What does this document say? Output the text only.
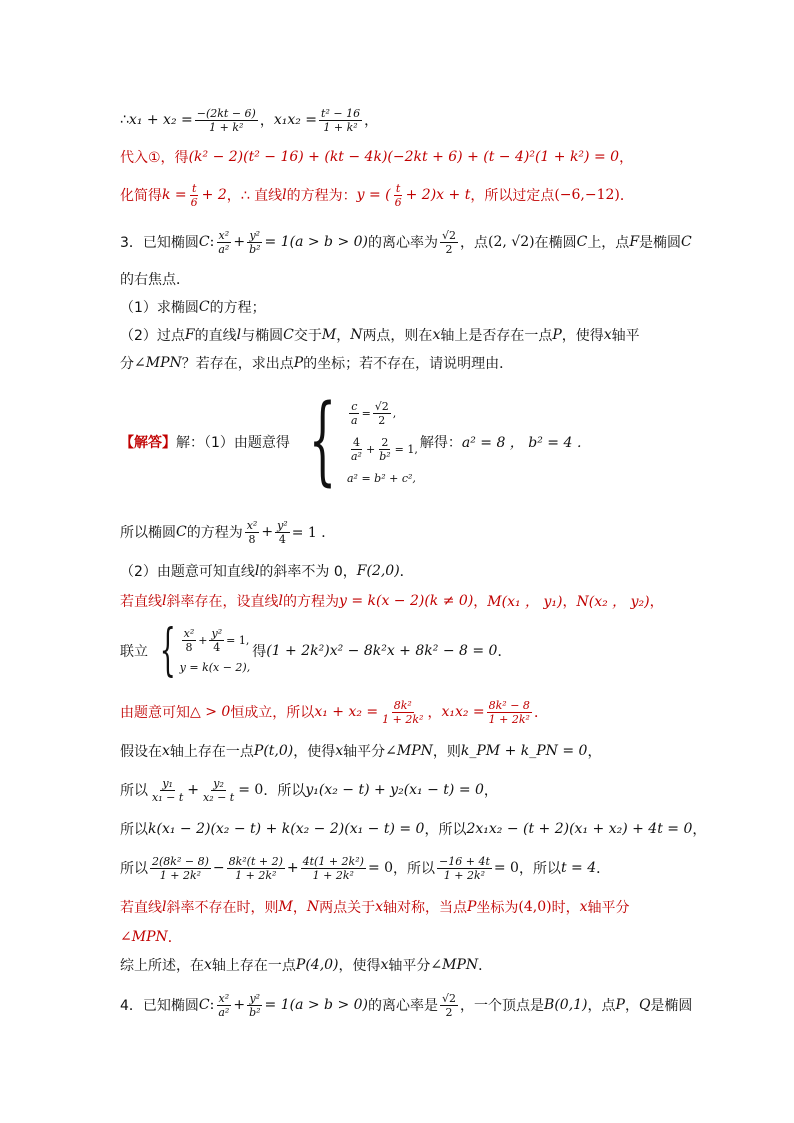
∴ $x_1 + x_2 = \frac{-(2kt - 6)}{\text{1 + k²}}$ ， $x_1x_2 = \frac{\text{t² − 16}}{\text{1 + k²}}$ ，
代入①，得 (k² − 2)(t² − 16) + (kt − 4k)(−2kt + 6) + (t − 4)²(1 + k²) = 0 ，
化简得 $k = \frac{t}{6} + 2$ ，∴ 直线 l 的方程为： y = ( $\frac{t}{6} + 2)x + t$ ，所以过定点 (−6,−12) ．
3．已知椭圆 C : $\frac{\text{x²}}{\text{a²}} + \frac{\text{y²}}{\text{b²}} = 1(a > b > 0)$ 的离心率为 $\frac{√2}{2}$ ，点 (2, √2) 在椭圆 C 上，点 F 是椭圆 C
的右焦点．
（1）求椭圆 C 的方程；
（2）过点 F 的直线 l 与椭圆 C 交于 M ， N 两点，则在 x 轴上是否存在一点 P ，使得 x 轴平
分 ∠MPN ？若存在，求出点 P 的坐标；若不存在，请说明理由．
【解答】 解：（1）由题意得 { $\frac{c}{a} = \frac{√2}{2}$ ,
$\frac{4}{\text{a²}} + \frac{2}{\text{b²}} = 1$,
a² = b² + c²,
解得： a² = 8 ， b² = 4 ．
所以椭圆 C 的方程为 $\frac{\text{x²}}{8} + \frac{\text{y²}}{4} = 1$ ．
（2）由题意可知直线 l 的斜率不为 0， F(2,0) ．
若直线 l 斜率存在，设直线 l 的方程为 y = k(x − 2)(k ≠ 0) ， M(x₁ ， y₁) ， N(x₂ ， y₂) ，
联立 { $\frac{\text{x²}}{8} + \frac{\text{y²}}{4} = 1$,
y = k(x − 2),
得 (1 + 2k²)x² − 8k²x + 8k² − 8 = 0 ．
由题意可知 △ > 0 恒成立，所以 $x_1 + x_2 = \frac{\text{8k²}}{\text{1 + 2k²}}$ ， $x_1x_2 = \frac{\text{8k² − 8}}{\text{1 + 2k²}}$ ．
假设在 x 轴上存在一点 P(t,0) ，使得 x 轴平分 ∠MPN ，则 k_PM + k_PN = 0 ，
所以 $\frac{\text{y₁}}{\text{x₁ − t}} + \frac{\text{y₂}}{\text{x₂ − t}} = 0$ ．所以 y₁(x₂ − t) + y₂(x₁ − t) = 0 ，
所以 k(x₁ − 2)(x₂ − t) + k(x₂ − 2)(x₁ − t) = 0 ，所以 2x₁x₂ − (t + 2)(x₁ + x₂) + 4t = 0 ，
所以 $\frac{\text{2(8k² − 8)}}{\text{1 + 2k²}} - \frac{\text{8k²(t + 2)}}{\text{1 + 2k²}} + \frac{\text{4t(1 + 2k²)}}{\text{1 + 2k²}} = 0$ ，所以 $\frac{-16 + 4t}{\text{1 + 2k²}} = 0$ ，所以 t = 4 ．
若直线 l 斜率不存在时，则 M ， N 两点关于 x 轴对称，当点 P 坐标为 (4,0) 时， x 轴平分
∠MPN ．
综上所述，在 x 轴上存在一点 P(4,0) ，使得 x 轴平分 ∠MPN ．
4．已知椭圆 C : $\frac{\text{x²}}{\text{a²}} + \frac{\text{y²}}{\text{b²}} = 1(a > b > 0)$ 的离心率是 $\frac{√2}{2}$ ，一个顶点是 B(0,1) ，点 P ， Q 是椭圆
